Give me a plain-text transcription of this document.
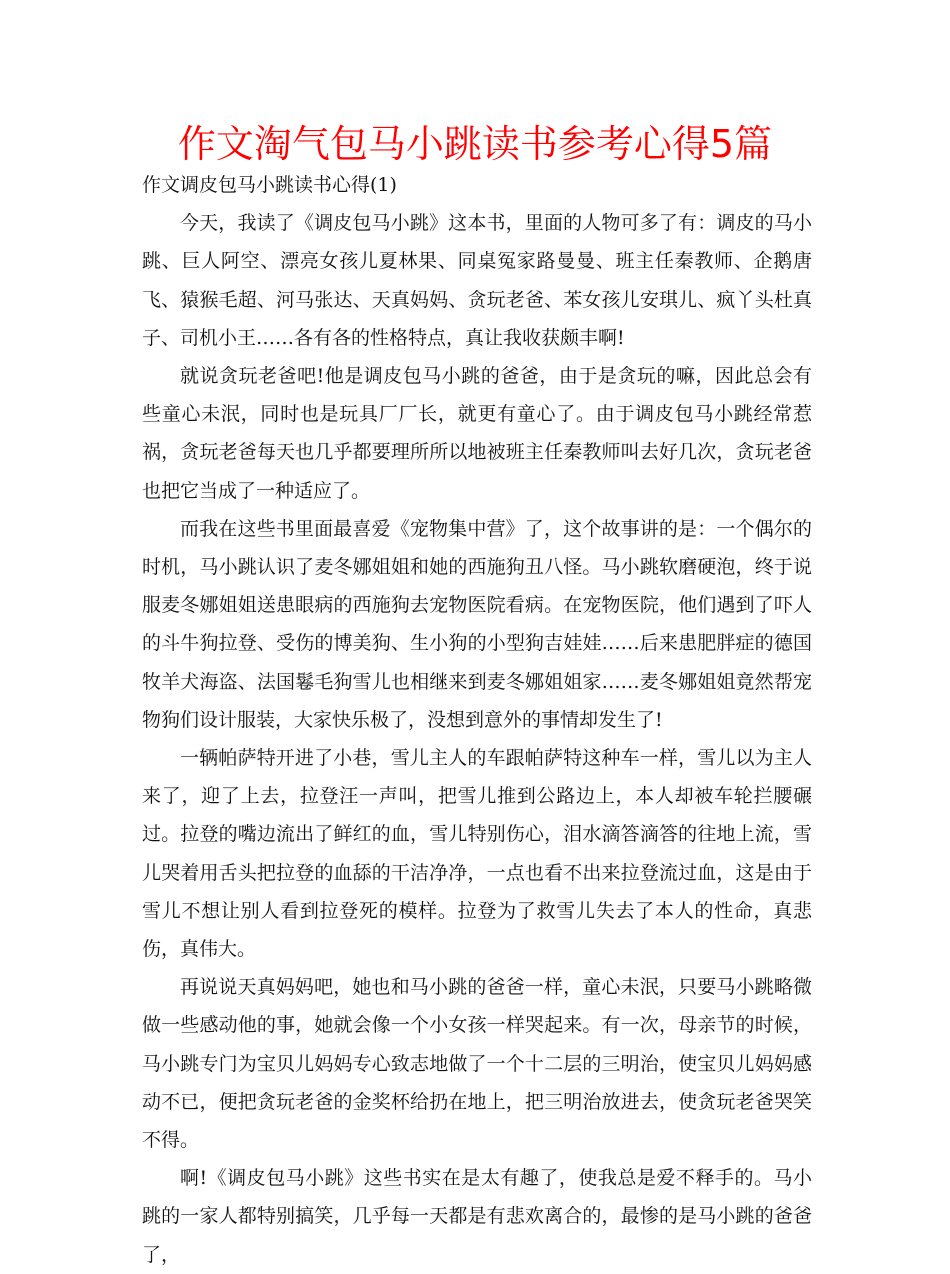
作文淘气包马小跳读书参考心得5篇

作文调皮包马小跳读书心得(1)

今天，我读了《调皮包马小跳》这本书，里面的人物可多了有：调皮的马小跳、巨人阿空、漂亮女孩儿夏林果、同桌冤家路曼曼、班主任秦教师、企鹅唐飞、猿猴毛超、河马张达、天真妈妈、贪玩老爸、苯女孩儿安琪儿、疯丫头杜真子、司机小王……各有各的性格特点，真让我收获颇丰啊!

就说贪玩老爸吧!他是调皮包马小跳的爸爸，由于是贪玩的嘛，因此总会有些童心未泯，同时也是玩具厂厂长，就更有童心了。由于调皮包马小跳经常惹祸，贪玩老爸每天也几乎都要理所所以地被班主任秦教师叫去好几次，贪玩老爸也把它当成了一种适应了。

而我在这些书里面最喜爱《宠物集中营》了，这个故事讲的是：一个偶尔的时机，马小跳认识了麦冬娜姐姐和她的西施狗丑八怪。马小跳软磨硬泡，终于说服麦冬娜姐姐送患眼病的西施狗去宠物医院看病。在宠物医院，他们遇到了吓人的斗牛狗拉登、受伤的博美狗、生小狗的小型狗吉娃娃……后来患肥胖症的德国牧羊犬海盗、法国鬈毛狗雪儿也相继来到麦冬娜姐姐家……麦冬娜姐姐竟然帮宠物狗们设计服装，大家快乐极了，没想到意外的事情却发生了!

一辆帕萨特开进了小巷，雪儿主人的车跟帕萨特这种车一样，雪儿以为主人来了，迎了上去，拉登汪一声叫，把雪儿推到公路边上，本人却被车轮拦腰碾过。拉登的嘴边流出了鲜红的血，雪儿特别伤心，泪水滴答滴答的往地上流，雪儿哭着用舌头把拉登的血舔的干洁净净，一点也看不出来拉登流过血，这是由于雪儿不想让别人看到拉登死的模样。拉登为了救雪儿失去了本人的性命，真悲伤，真伟大。

再说说天真妈妈吧，她也和马小跳的爸爸一样，童心未泯，只要马小跳略微做一些感动他的事，她就会像一个小女孩一样哭起来。有一次，母亲节的时候，马小跳专门为宝贝儿妈妈专心致志地做了一个十二层的三明治，使宝贝儿妈妈感动不已，便把贪玩老爸的金奖杯给扔在地上，把三明治放进去，使贪玩老爸哭笑不得。

啊!《调皮包马小跳》这些书实在是太有趣了，使我总是爱不释手的。马小跳的一家人都特别搞笑，几乎每一天都是有悲欢离合的，最惨的是马小跳的爸爸了，
